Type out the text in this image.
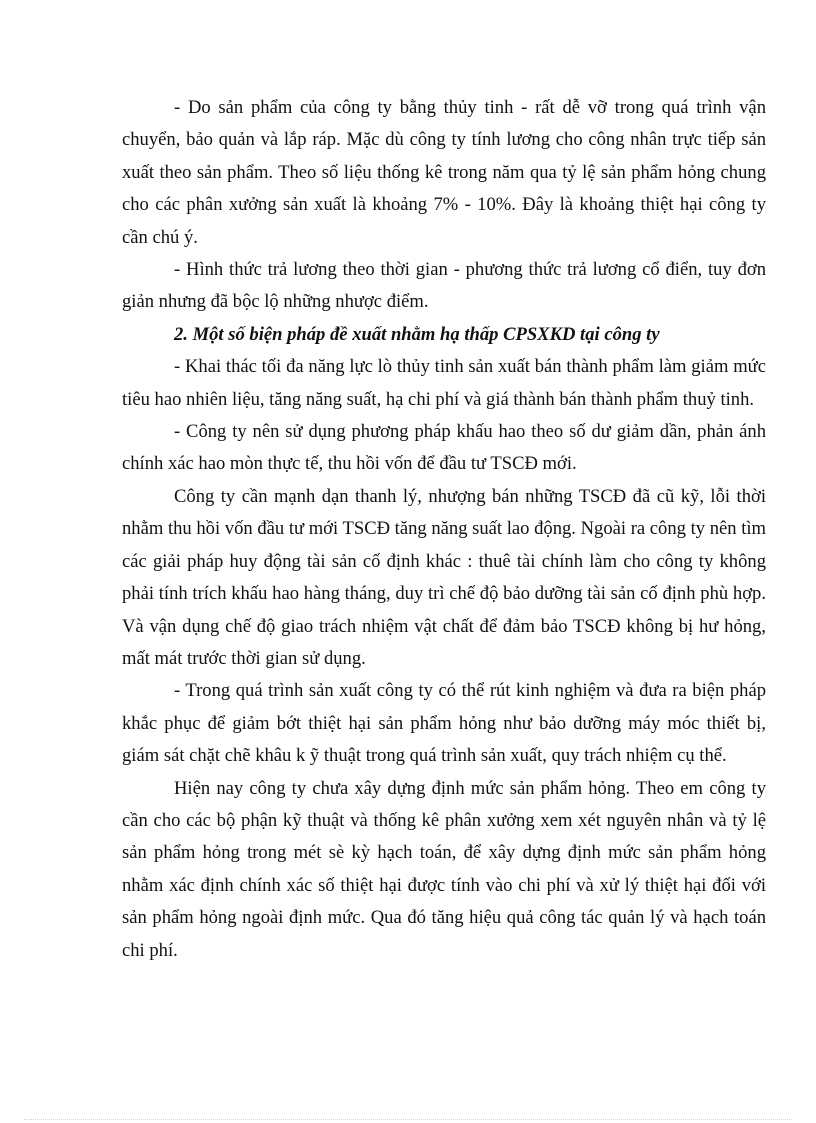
- Do sản phẩm của công ty bằng thủy tinh - rất dễ vỡ trong quá trình vận chuyển, bảo quản và lắp ráp. Mặc dù công ty tính lương cho công nhân trực tiếp sản xuất theo sản phẩm. Theo số liệu thống kê trong năm qua tỷ lệ sản phẩm hỏng chung cho các phân xưởng sản xuất là khoảng 7% - 10%. Đây là khoảng thiệt hại công ty cần chú ý.

- Hình thức trả lương theo thời gian - phương thức trả lương cổ điển, tuy đơn giản nhưng đã bộc lộ những nhược điểm.

2. Một số biện pháp đề xuất nhằm hạ thấp CPSXKD tại công ty

- Khai thác tối đa năng lực lò thủy tinh sản xuất bán thành phẩm làm giảm mức tiêu hao nhiên liệu, tăng năng suất, hạ chi phí và giá thành bán thành phẩm thuỷ tinh.

- Công ty nên sử dụng phương pháp khấu hao theo số dư giảm dần, phản ánh chính xác hao mòn thực tế, thu hồi vốn để đầu tư TSCĐ mới.

Công ty cần mạnh dạn thanh lý, nhượng bán những TSCĐ đã cũ kỹ, lỗi thời nhằm thu hồi vốn đầu tư mới TSCĐ tăng năng suất lao động. Ngoài ra công ty nên tìm các giải pháp huy động tài sản cố định khác : thuê tài chính làm cho công ty không phải tính trích khấu hao hàng tháng, duy trì chế độ bảo dưỡng tài sản cố định phù hợp. Và vận dụng chế độ giao trách nhiệm vật chất để đảm bảo TSCĐ không bị hư hỏng, mất mát trước thời gian sử dụng.

- Trong quá trình sản xuất công ty có thể rút kinh nghiệm và đưa ra biện pháp khắc phục để giảm bớt thiệt hại sản phẩm hỏng như bảo dưỡng máy móc thiết bị, giám sát chặt chẽ khâu k ỹ thuật trong quá trình sản xuất, quy trách nhiệm cụ thể.

Hiện nay công ty chưa xây dựng định mức sản phẩm hỏng. Theo em công ty cần cho các bộ phận kỹ thuật và thống kê phân xưởng xem xét nguyên nhân và tỷ lệ sản phẩm hỏng trong mét sè kỳ hạch toán, để xây dựng định mức sản phẩm hỏng nhằm xác định chính xác số thiệt hại được tính vào chi phí và xử lý thiệt hại đối với sản phẩm hỏng ngoài định mức. Qua đó tăng hiệu quả công tác quản lý và hạch toán chi phí.
